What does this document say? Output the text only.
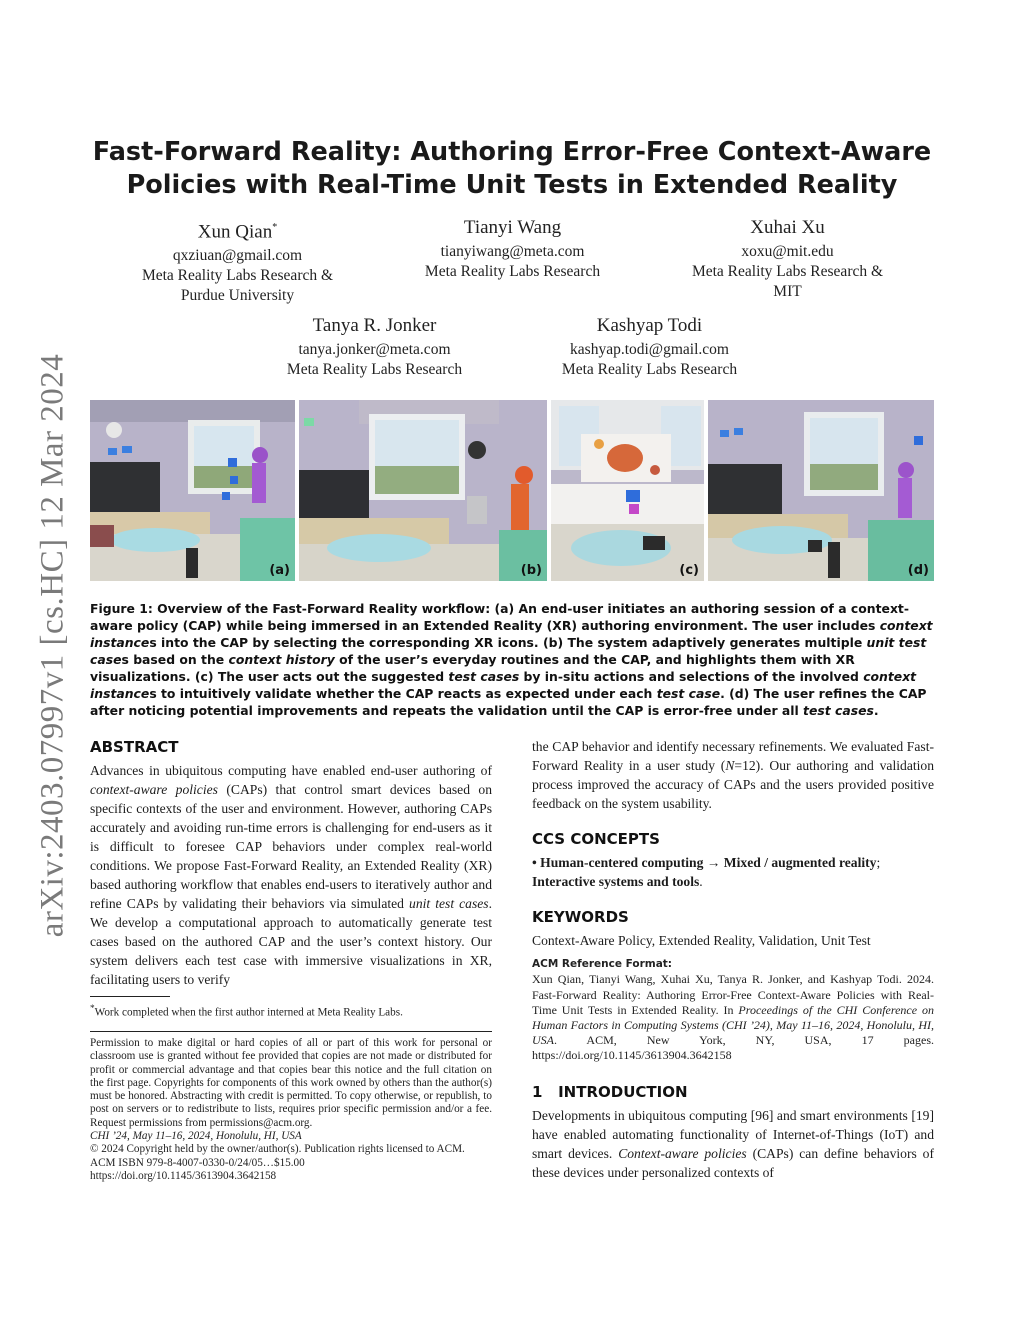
arXiv:2403.07997v1 [cs.HC] 12 Mar 2024
Fast-Forward Reality: Authoring Error-Free Context-Aware
Policies with Real-Time Unit Tests in Extended Reality
Xun Qian*
qxziuan@gmail.com
Meta Reality Labs Research &
Purdue University
Tianyi Wang
tianyiwang@meta.com
Meta Reality Labs Research
Xuhai Xu
xoxu@mit.edu
Meta Reality Labs Research &
MIT
Tanya R. Jonker
tanya.jonker@meta.com
Meta Reality Labs Research
Kashyap Todi
kashyap.todi@gmail.com
Meta Reality Labs Research
(a)	(b)	(c)	(d)
Figure 1: Overview of the Fast-Forward Reality workflow: (a) An end-user initiates an authoring session of a context-aware policy (CAP) while being immersed in an Extended Reality (XR) authoring environment. The user includes context instances into the CAP by selecting the corresponding XR icons. (b) The system adaptively generates multiple unit test cases based on the context history of the user’s everyday routines and the CAP, and highlights them with XR visualizations. (c) The user acts out the suggested test cases by in-situ actions and selections of the involved context instances to intuitively validate whether the CAP reacts as expected under each test case. (d) The user refines the CAP after noticing potential improvements and repeats the validation until the CAP is error-free under all test cases.
ABSTRACT
Advances in ubiquitous computing have enabled end-user authoring of context-aware policies (CAPs) that control smart devices based on specific contexts of the user and environment. However, authoring CAPs accurately and avoiding run-time errors is challenging for end-users as it is difficult to foresee CAP behaviors under complex real-world conditions. We propose Fast-Forward Reality, an Extended Reality (XR) based authoring workflow that enables end-users to iteratively author and refine CAPs by validating their behaviors via simulated unit test cases. We develop a computational approach to automatically generate test cases based on the authored CAP and the user’s context history. Our system delivers each test case with immersive visualizations in XR, facilitating users to verify
*Work completed when the first author interned at Meta Reality Labs.
Permission to make digital or hard copies of all or part of this work for personal or classroom use is granted without fee provided that copies are not made or distributed for profit or commercial advantage and that copies bear this notice and the full citation on the first page. Copyrights for components of this work owned by others than the author(s) must be honored. Abstracting with credit is permitted. To copy otherwise, or republish, to post on servers or to redistribute to lists, requires prior specific permission and/or a fee. Request permissions from permissions@acm.org.
CHI ’24, May 11–16, 2024, Honolulu, HI, USA
© 2024 Copyright held by the owner/author(s). Publication rights licensed to ACM.
ACM ISBN 979-8-4007-0330-0/24/05…$15.00
https://doi.org/10.1145/3613904.3642158
the CAP behavior and identify necessary refinements. We evaluated Fast-Forward Reality in a user study (N=12). Our authoring and validation process improved the accuracy of CAPs and the users provided positive feedback on the system usability.
CCS CONCEPTS
• Human-centered computing → Mixed / augmented reality; Interactive systems and tools.
KEYWORDS
Context-Aware Policy, Extended Reality, Validation, Unit Test
ACM Reference Format:
Xun Qian, Tianyi Wang, Xuhai Xu, Tanya R. Jonker, and Kashyap Todi. 2024. Fast-Forward Reality: Authoring Error-Free Context-Aware Policies with Real-Time Unit Tests in Extended Reality. In Proceedings of the CHI Conference on Human Factors in Computing Systems (CHI ’24), May 11–16, 2024, Honolulu, HI, USA. ACM, New York, NY, USA, 17 pages. https://doi.org/10.1145/3613904.3642158
1   INTRODUCTION
Developments in ubiquitous computing [96] and smart environments [19] have enabled automating functionality of Internet-of-Things (IoT) and smart devices. Context-aware policies (CAPs) can define behaviors of these devices under personalized contexts of
